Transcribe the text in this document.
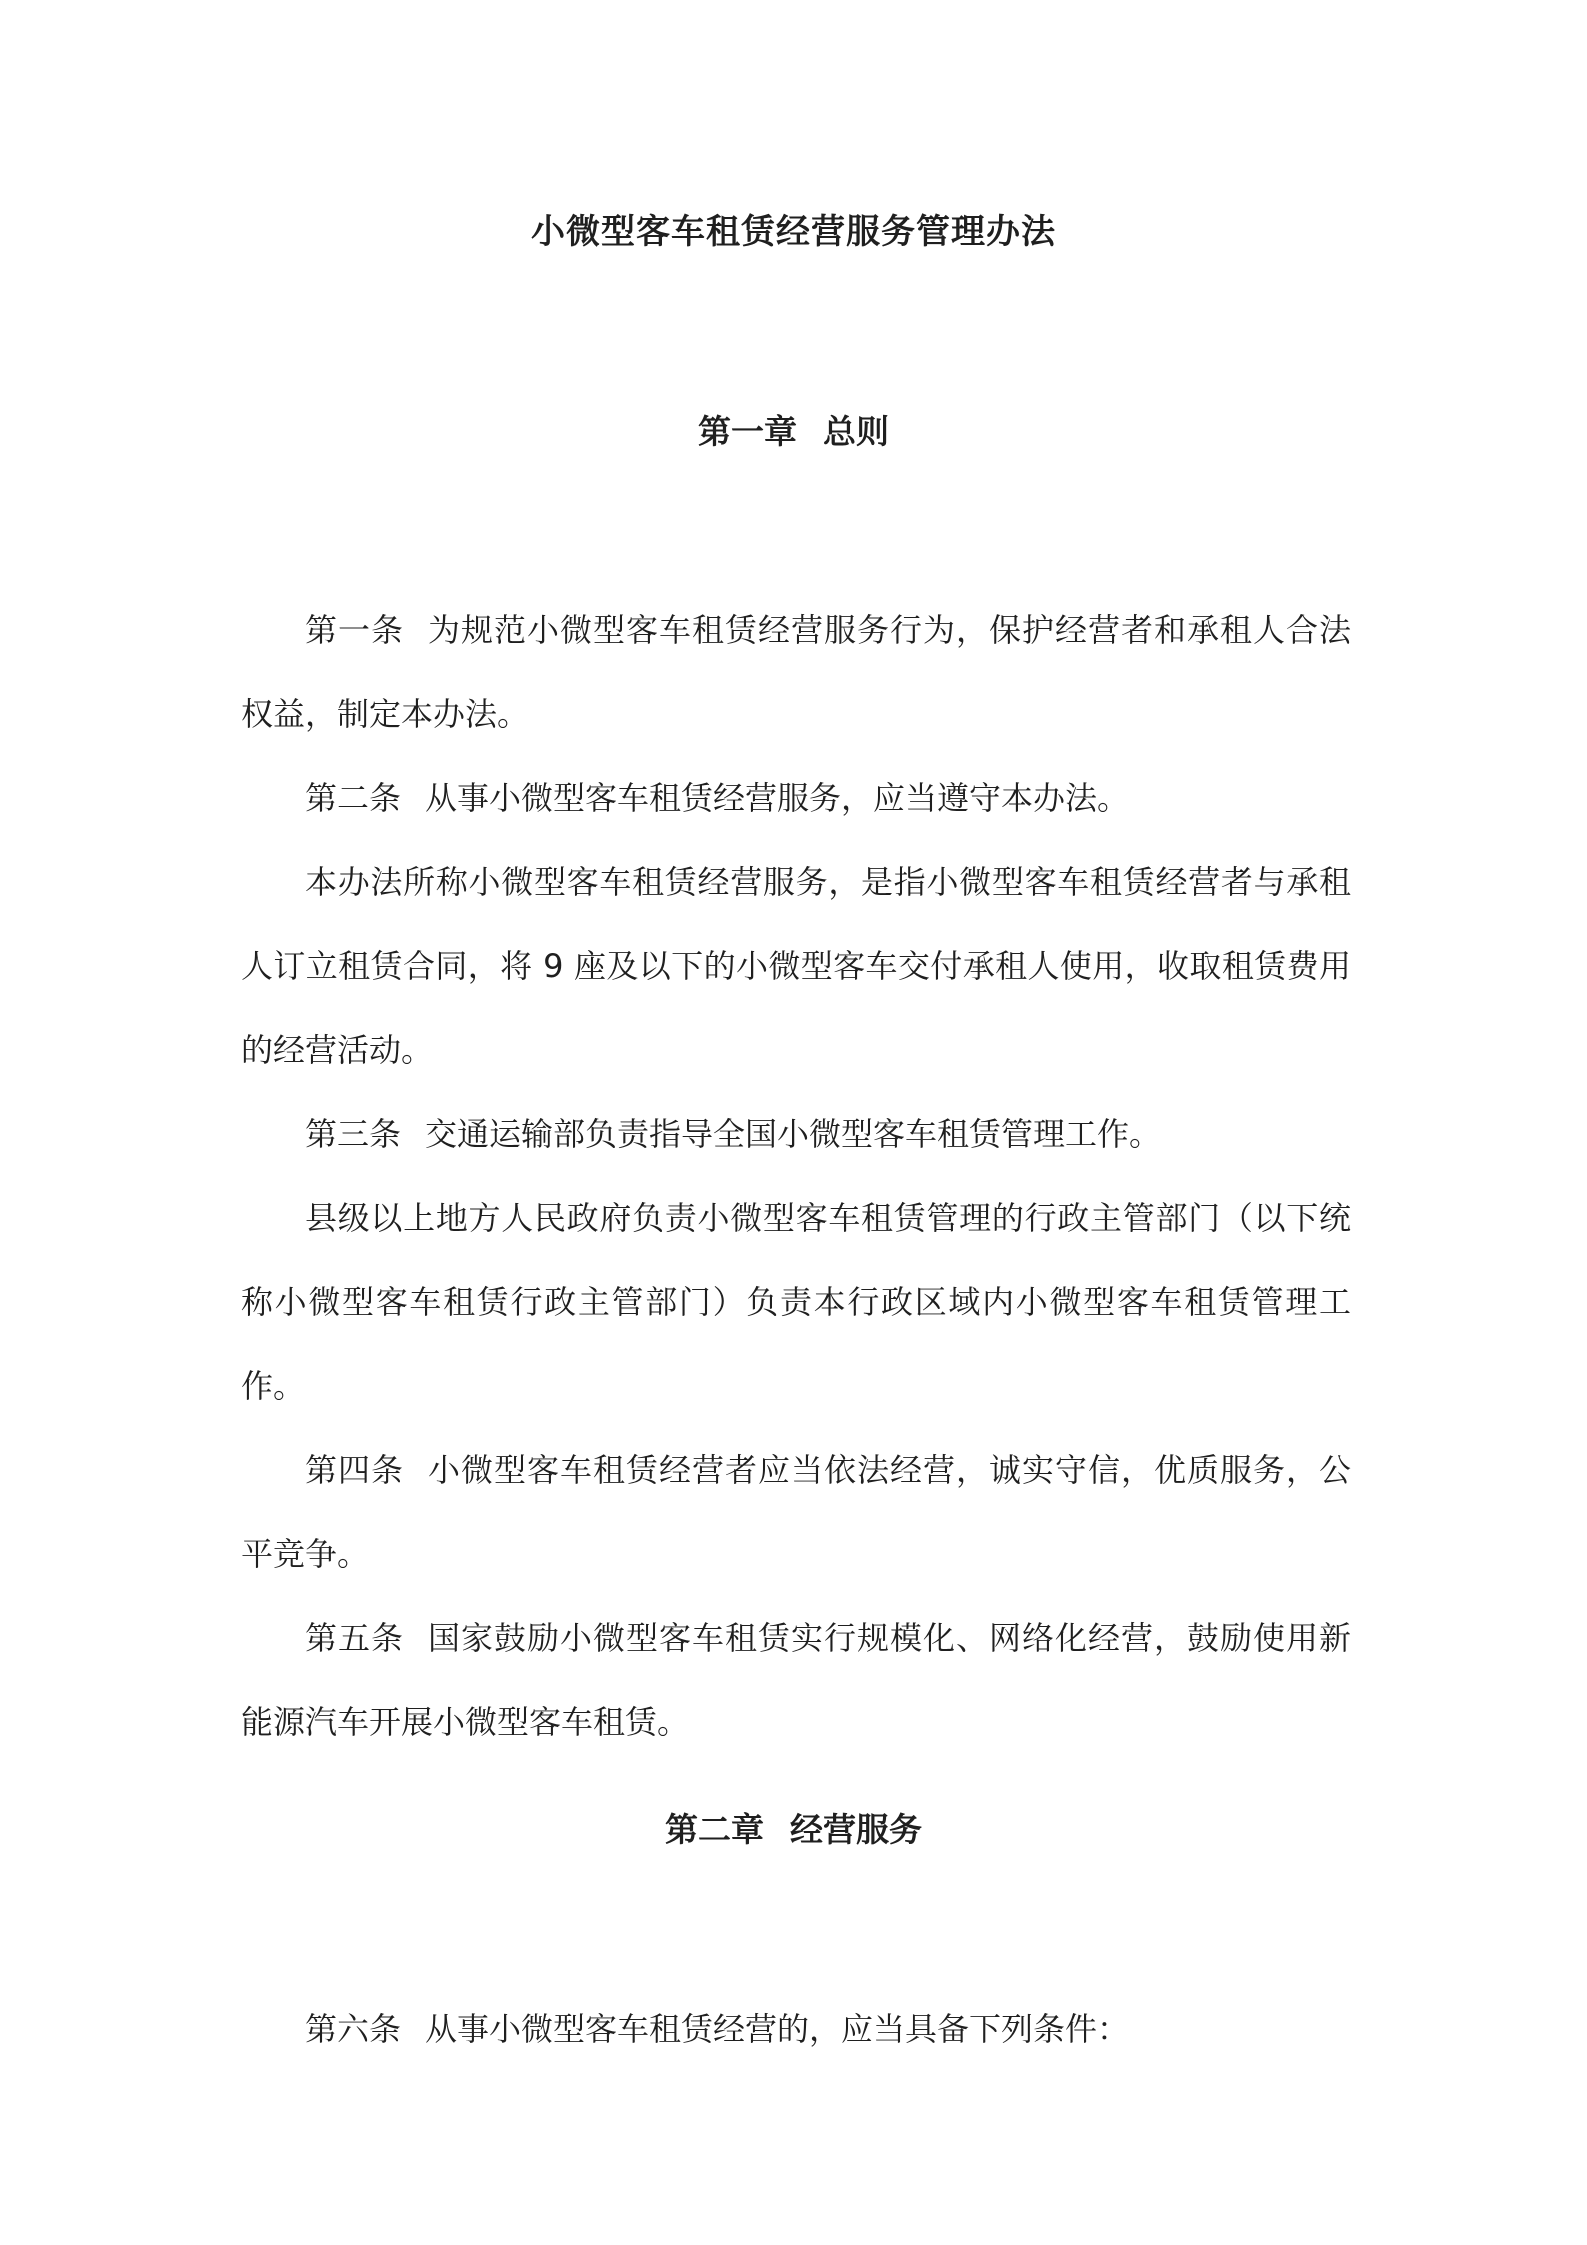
小微型客车租赁经营服务管理办法
第一章 总则

第一条 为规范小微型客车租赁经营服务行为，保护经营者和承租人合法权益，制定本办法。

第二条 从事小微型客车租赁经营服务，应当遵守本办法。

本办法所称小微型客车租赁经营服务，是指小微型客车租赁经营者与承租人订立租赁合同，将 9 座及以下的小微型客车交付承租人使用，收取租赁费用的经营活动。

第三条 交通运输部负责指导全国小微型客车租赁管理工作。

县级以上地方人民政府负责小微型客车租赁管理的行政主管部门（以下统称小微型客车租赁行政主管部门）负责本行政区域内小微型客车租赁管理工作。

第四条 小微型客车租赁经营者应当依法经营，诚实守信，优质服务，公平竞争。

第五条 国家鼓励小微型客车租赁实行规模化、网络化经营，鼓励使用新能源汽车开展小微型客车租赁。

第二章 经营服务

第六条 从事小微型客车租赁经营的，应当具备下列条件：
